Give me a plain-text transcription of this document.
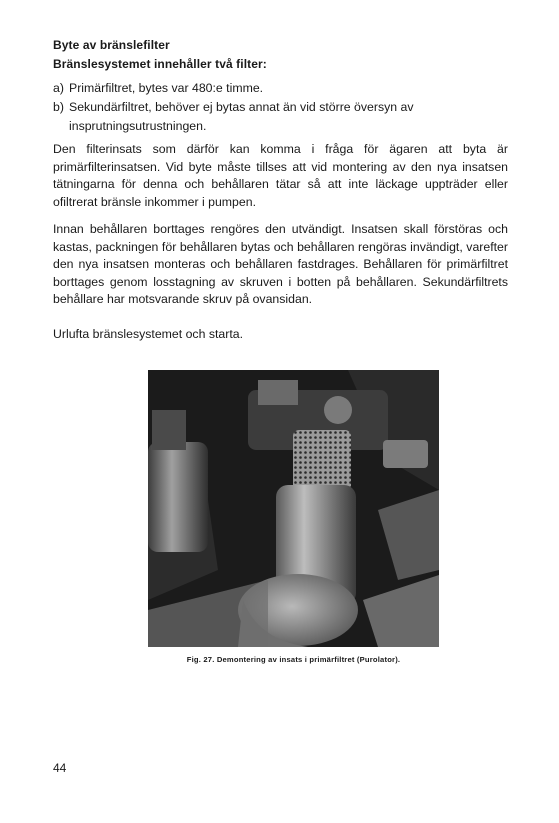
Byte av bränslefilter
Bränslesystemet innehåller två filter:
a) Primärfiltret, bytes var 480:e timme.
b) Sekundärfiltret, behöver ej bytas annat än vid större översyn av insprutningsutrustningen.

Den filterinsats som därför kan komma i fråga för ägaren att byta är primärfilterinsatsen. Vid byte måste tillses att vid montering av den nya insatsen tätningarna för denna och behållaren tätar så att inte läckage uppträder eller ofiltrerat bränsle inkommer i pumpen.

Innan behållaren borttages rengöres den utvändigt. Insatsen skall förstöras och kastas, packningen för behållaren bytas och behållaren rengöras invändigt, varefter den nya insatsen monteras och behållaren fastdrages. Behållaren för primärfiltret borttages genom losstagning av skruven i botten på behållaren. Sekundärfiltrets behållare har motsvarande skruv på ovansidan.

Urlufta bränslesystemet och starta.

Fig. 27. Demontering av insats i primärfiltret (Purolator).
44
